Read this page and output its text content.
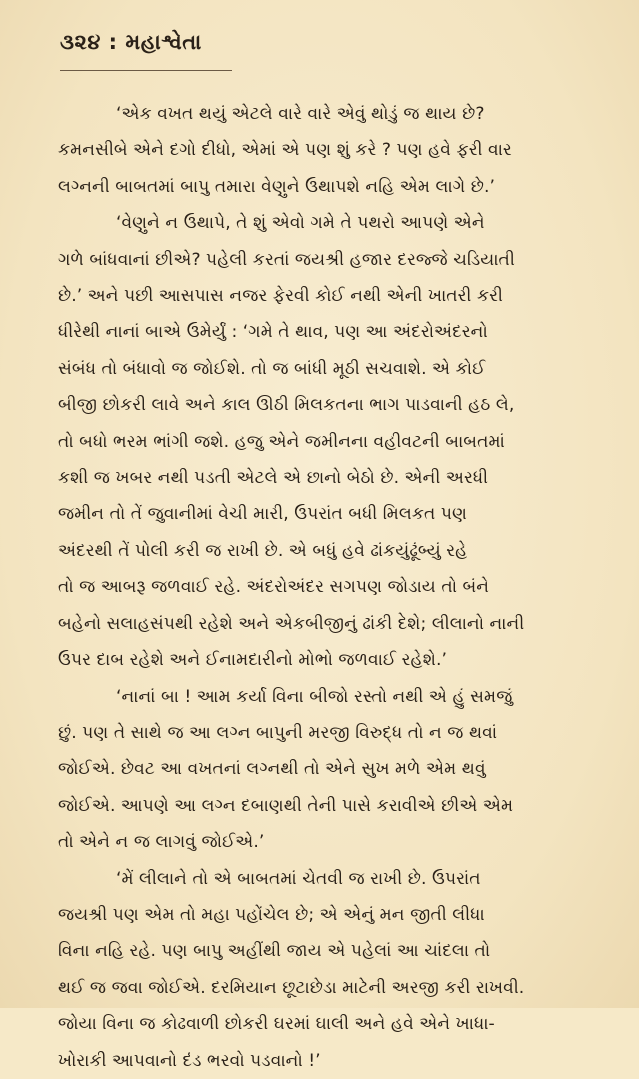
૩૨૪ : મહાશ્વેતા

‘એક વખત થયું એટલે વારે વારે એવું થોડું જ થાય છે?
કમનસીબે એને દગો દીધો, એમાં એ પણ શું કરે ? પણ હવે ફરી વાર
લગ્નની બાબતમાં બાપુ તમારા વેણુને ઉથાપશે નહિ એમ લાગે છે.’

‘વેણુને ન ઉથાપે, તે શું એવો ગમે તે પથરો આપણે એને
ગળે બાંધવાનાં છીએ? પહેલી કરતાં જયશ્રી હજાર દરજ્જે ચડિયાતી
છે.’ અને પછી આસપાસ નજર ફેરવી કોઈ નથી એની ખાતરી કરી
ધીરેથી નાનાં બાએ ઉમેર્યું : ‘ગમે તે થાવ, પણ આ અંદરોઅંદરનો
સંબંધ તો બંધાવો જ જોઈશે. તો જ બાંધી મૂઠી સચવાશે. એ કોઈ
બીજી છોકરી લાવે અને કાલ ઊઠી મિલકતના ભાગ પાડવાની હઠ લે,
તો બધો ભરમ ભાંગી જશે. હજુ એને જમીનના વહીવટની બાબતમાં
કશી જ ખબર નથી પડતી એટલે એ છાનો બેઠો છે. એની અરધી
જમીન તો તેં જુવાનીમાં વેચી મારી, ઉપરાંત બધી મિલકત પણ
અંદરથી તેં પોલી કરી જ રાખી છે. એ બધું હવે ઢાંકયુંઢૂંબ્યું રહે
તો જ આબરૂ જળવાઈ રહે. અંદરોઅંદર સગપણ જોડાય તો બંને
બહેનો સલાહસંપથી રહેશે અને એકબીજીનું ઢાંકી દેશે; લીલાનો નાની
ઉપર દાબ રહેશે અને ઈનામદારીનો મોભો જળવાઈ રહેશે.’

‘નાનાં બા ! આમ કર્યા વિના બીજો રસ્તો નથી એ હું સમજું
છું. પણ તે સાથે જ આ લગ્ન બાપુની મરજી વિરુદ્ધ તો ન જ થવાં
જોઈએ. છેવટ આ વખતનાં લગ્નથી તો એને સુખ મળે એમ થવું
જોઈએ. આપણે આ લગ્ન દબાણથી તેની પાસે કરાવીએ છીએ એમ
તો એને ન જ લાગવું જોઈએ.’

‘મેં લીલાને તો એ બાબતમાં ચેતવી જ રાખી છે. ઉપરાંત
જયશ્રી પણ એમ તો મહા પહોંચેલ છે; એ એનું મન જીતી લીધા
વિના નહિ રહે. પણ બાપુ અહીંથી જાય એ પહેલાં આ ચાંદલા તો
થઈ જ જવા જોઈએ. દરમિયાન છૂટાછેડા માટેની અરજી કરી રાખવી.
જોયા વિના જ કોઢવાળી છોકરી ઘરમાં ઘાલી અને હવે એને ખાધા-
ખોરાકી આપવાનો દંડ ભરવો પડવાનો !’
